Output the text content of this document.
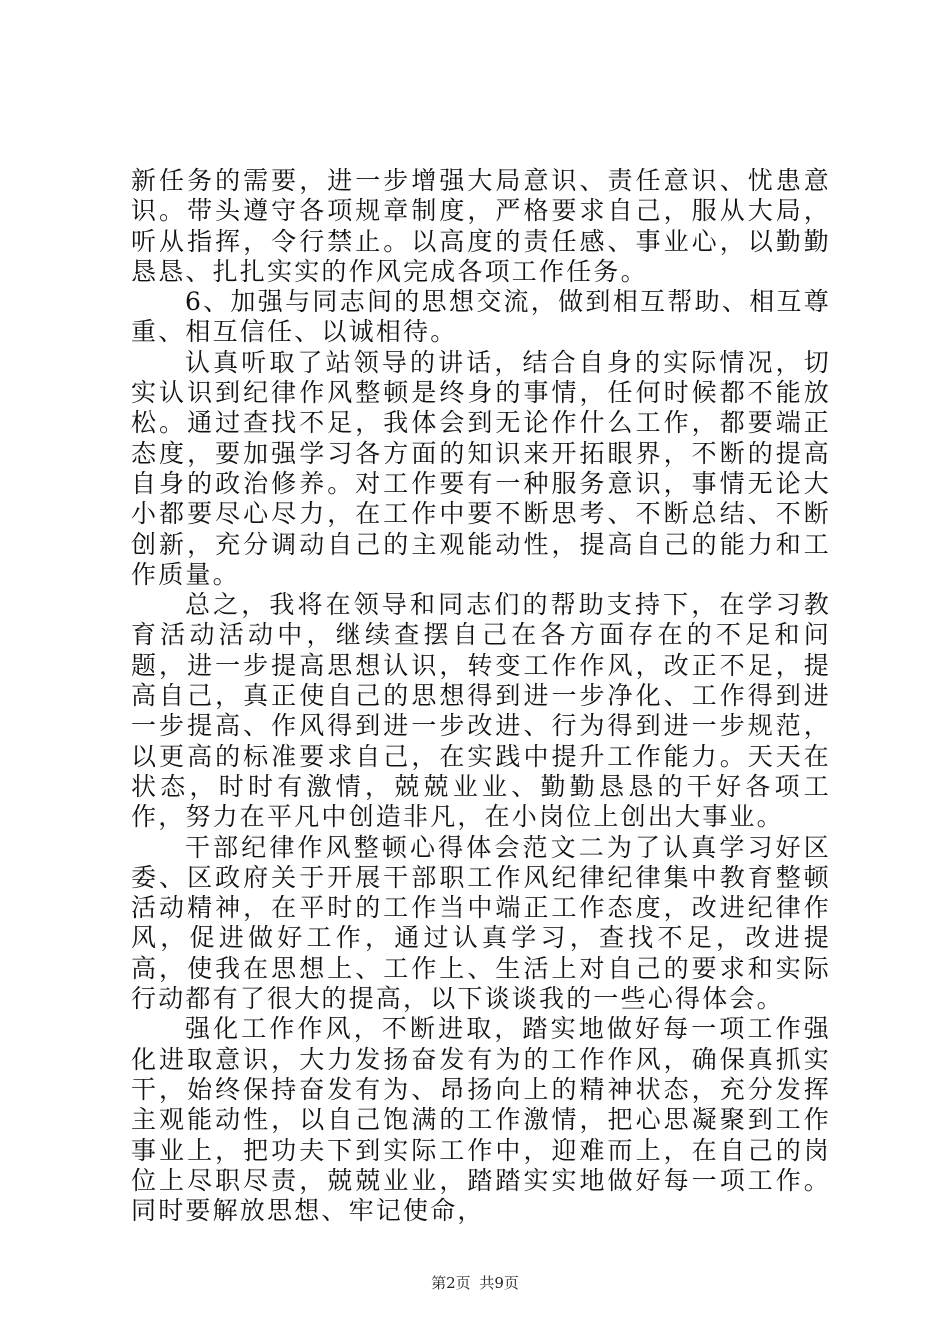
新任务的需要，进一步增强大局意识、责任意识、忧患意识。带头遵守各项规章制度，严格要求自己，服从大局，听从指挥，令行禁止。以高度的责任感、事业心，以勤勤恳恳、扎扎实实的作风完成各项工作任务。

6、加强与同志间的思想交流，做到相互帮助、相互尊重、相互信任、以诚相待。

认真听取了站领导的讲话，结合自身的实际情况，切实认识到纪律作风整顿是终身的事情，任何时候都不能放松。通过查找不足，我体会到无论作什么工作，都要端正态度，要加强学习各方面的知识来开拓眼界，不断的提高自身的政治修养。对工作要有一种服务意识，事情无论大小都要尽心尽力，在工作中要不断思考、不断总结、不断创新，充分调动自己的主观能动性，提高自己的能力和工作质量。

总之，我将在领导和同志们的帮助支持下，在学习教育活动活动中，继续查摆自己在各方面存在的不足和问题，进一步提高思想认识，转变工作作风，改正不足，提高自己，真正使自己的思想得到进一步净化、工作得到进一步提高、作风得到进一步改进、行为得到进一步规范，以更高的标准要求自己，在实践中提升工作能力。天天在状态，时时有激情，兢兢业业、勤勤恳恳的干好各项工作，努力在平凡中创造非凡，在小岗位上创出大事业。

干部纪律作风整顿心得体会范文二为了认真学习好区委、区政府关于开展干部职工作风纪律纪律集中教育整顿活动精神，在平时的工作当中端正工作态度，改进纪律作风，促进做好工作，通过认真学习，查找不足，改进提高，使我在思想上、工作上、生活上对自己的要求和实际行动都有了很大的提高，以下谈谈我的一些心得体会。

强化工作作风，不断进取，踏实地做好每一项工作强化进取意识，大力发扬奋发有为的工作作风，确保真抓实干，始终保持奋发有为、昂扬向上的精神状态，充分发挥主观能动性，以自己饱满的工作激情，把心思凝聚到工作事业上，把功夫下到实际工作中，迎难而上，在自己的岗位上尽职尽责，兢兢业业，踏踏实实地做好每一项工作。同时要解放思想、牢记使命，

第2页 共9页
